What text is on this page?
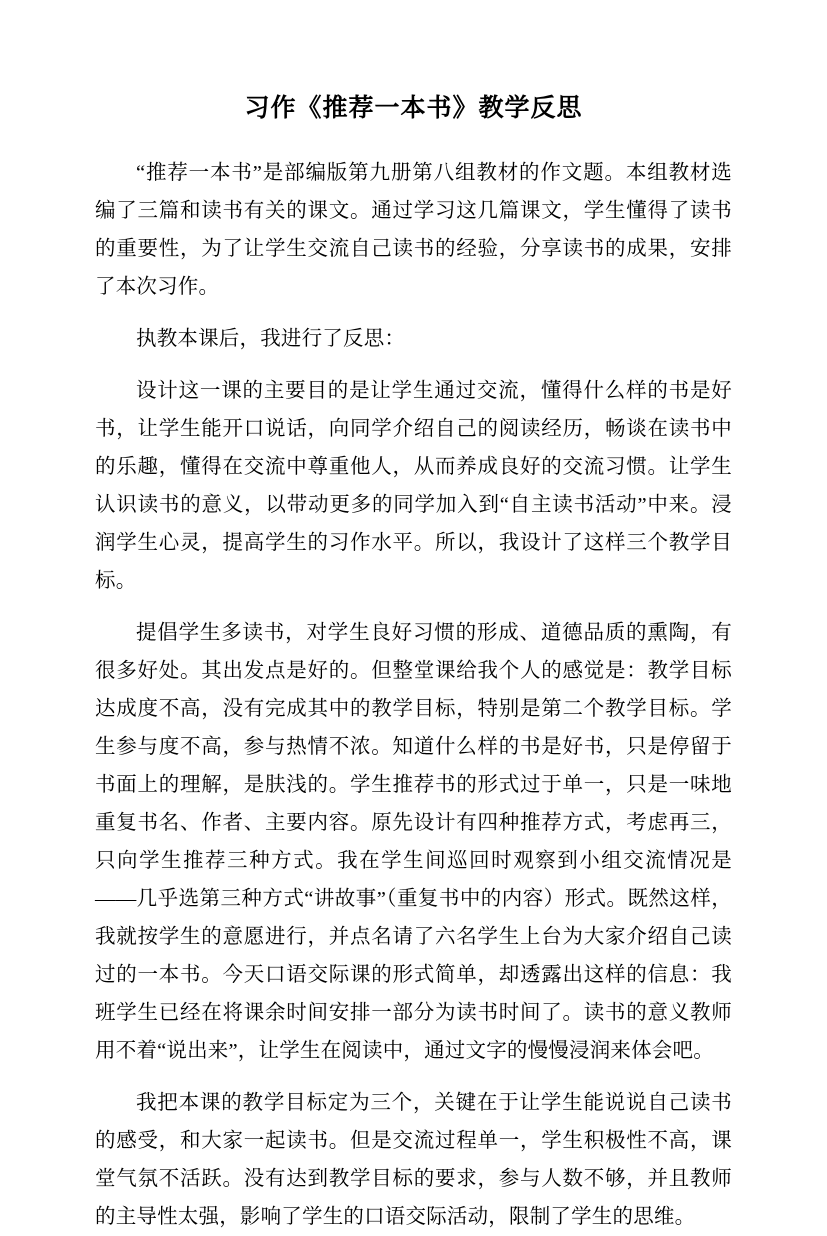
习作《推荐一本书》教学反思

“推荐一本书”是部编版第九册第八组教材的作文题。本组教材选编了三篇和读书有关的课文。通过学习这几篇课文，学生懂得了读书的重要性，为了让学生交流自己读书的经验，分享读书的成果，安排了本次习作。

执教本课后，我进行了反思：

设计这一课的主要目的是让学生通过交流，懂得什么样的书是好书，让学生能开口说话，向同学介绍自己的阅读经历，畅谈在读书中的乐趣，懂得在交流中尊重他人，从而养成良好的交流习惯。让学生认识读书的意义，以带动更多的同学加入到“自主读书活动”中来。浸润学生心灵，提高学生的习作水平。所以，我设计了这样三个教学目标。

提倡学生多读书，对学生良好习惯的形成、道德品质的熏陶，有很多好处。其出发点是好的。但整堂课给我个人的感觉是：教学目标达成度不高，没有完成其中的教学目标，特别是第二个教学目标。学生参与度不高，参与热情不浓。知道什么样的书是好书，只是停留于书面上的理解，是肤浅的。学生推荐书的形式过于单一，只是一味地重复书名、作者、主要内容。原先设计有四种推荐方式，考虑再三，只向学生推荐三种方式。我在学生间巡回时观察到小组交流情况是——几乎选第三种方式“讲故事”（重复书中的内容）形式。既然这样，我就按学生的意愿进行，并点名请了六名学生上台为大家介绍自己读过的一本书。今天口语交际课的形式简单，却透露出这样的信息：我班学生已经在将课余时间安排一部分为读书时间了。读书的意义教师用不着“说出来”，让学生在阅读中，通过文字的慢慢浸润来体会吧。

我把本课的教学目标定为三个，关键在于让学生能说说自己读书的感受，和大家一起读书。但是交流过程单一，学生积极性不高，课堂气氛不活跃。没有达到教学目标的要求，参与人数不够，并且教师的主导性太强，影响了学生的口语交际活动，限制了学生的思维。
